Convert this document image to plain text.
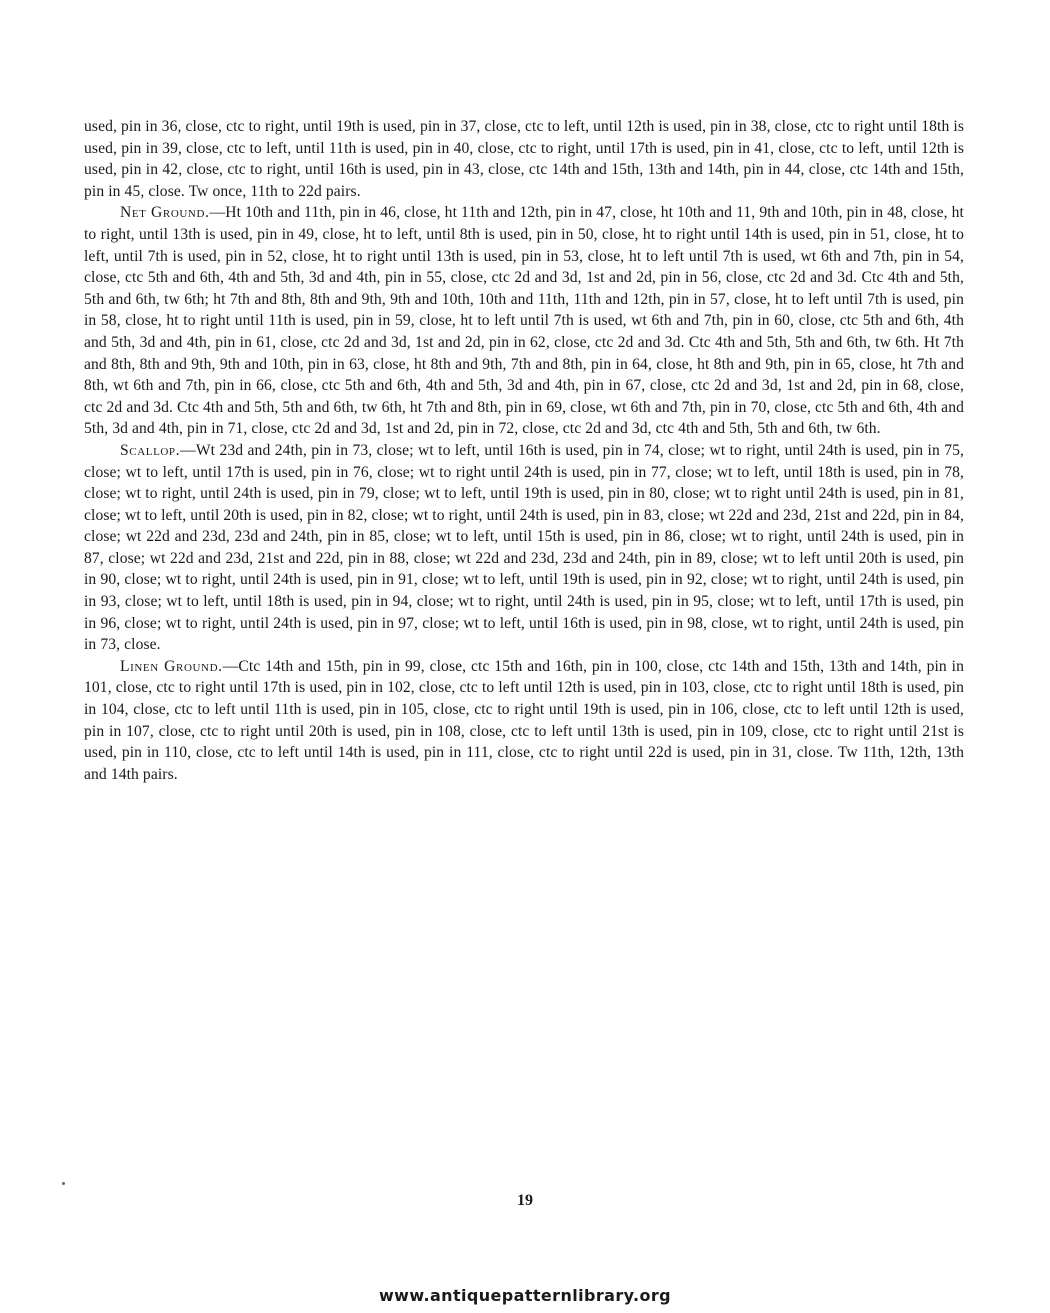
used, pin in 36, close, ctc to right, until 19th is used, pin in 37, close, ctc to left, until 12th is used, pin in 38, close, ctc to right until 18th is used, pin in 39, close, ctc to left, until 11th is used, pin in 40, close, ctc to right, until 17th is used, pin in 41, close, ctc to left, until 12th is used, pin in 42, close, ctc to right, until 16th is used, pin in 43, close, ctc 14th and 15th, 13th and 14th, pin in 44, close, ctc 14th and 15th, pin in 45, close. Tw once, 11th to 22d pairs.

Net Ground.—Ht 10th and 11th, pin in 46, close, ht 11th and 12th, pin in 47, close, ht 10th and 11, 9th and 10th, pin in 48, close, ht to right, until 13th is used, pin in 49, close, ht to left, until 8th is used, pin in 50, close, ht to right until 14th is used, pin in 51, close, ht to left, until 7th is used, pin in 52, close, ht to right until 13th is used, pin in 53, close, ht to left until 7th is used, wt 6th and 7th, pin in 54, close, ctc 5th and 6th, 4th and 5th, 3d and 4th, pin in 55, close, ctc 2d and 3d, 1st and 2d, pin in 56, close, ctc 2d and 3d. Ctc 4th and 5th, 5th and 6th, tw 6th; ht 7th and 8th, 8th and 9th, 9th and 10th, 10th and 11th, 11th and 12th, pin in 57, close, ht to left until 7th is used, pin in 58, close, ht to right until 11th is used, pin in 59, close, ht to left until 7th is used, wt 6th and 7th, pin in 60, close, ctc 5th and 6th, 4th and 5th, 3d and 4th, pin in 61, close, ctc 2d and 3d, 1st and 2d, pin in 62, close, ctc 2d and 3d. Ctc 4th and 5th, 5th and 6th, tw 6th. Ht 7th and 8th, 8th and 9th, 9th and 10th, pin in 63, close, ht 8th and 9th, 7th and 8th, pin in 64, close, ht 8th and 9th, pin in 65, close, ht 7th and 8th, wt 6th and 7th, pin in 66, close, ctc 5th and 6th, 4th and 5th, 3d and 4th, pin in 67, close, ctc 2d and 3d, 1st and 2d, pin in 68, close, ctc 2d and 3d. Ctc 4th and 5th, 5th and 6th, tw 6th, ht 7th and 8th, pin in 69, close, wt 6th and 7th, pin in 70, close, ctc 5th and 6th, 4th and 5th, 3d and 4th, pin in 71, close, ctc 2d and 3d, 1st and 2d, pin in 72, close, ctc 2d and 3d, ctc 4th and 5th, 5th and 6th, tw 6th.

Scallop.—Wt 23d and 24th, pin in 73, close; wt to left, until 16th is used, pin in 74, close; wt to right, until 24th is used, pin in 75, close; wt to left, until 17th is used, pin in 76, close; wt to right until 24th is used, pin in 77, close; wt to left, until 18th is used, pin in 78, close; wt to right, until 24th is used, pin in 79, close; wt to left, until 19th is used, pin in 80, close; wt to right until 24th is used, pin in 81, close; wt to left, until 20th is used, pin in 82, close; wt to right, until 24th is used, pin in 83, close; wt 22d and 23d, 21st and 22d, pin in 84, close; wt 22d and 23d, 23d and 24th, pin in 85, close; wt to left, until 15th is used, pin in 86, close; wt to right, until 24th is used, pin in 87, close; wt 22d and 23d, 21st and 22d, pin in 88, close; wt 22d and 23d, 23d and 24th, pin in 89, close; wt to left until 20th is used, pin in 90, close; wt to right, until 24th is used, pin in 91, close; wt to left, until 19th is used, pin in 92, close; wt to right, until 24th is used, pin in 93, close; wt to left, until 18th is used, pin in 94, close; wt to right, until 24th is used, pin in 95, close; wt to left, until 17th is used, pin in 96, close; wt to right, until 24th is used, pin in 97, close; wt to left, until 16th is used, pin in 98, close, wt to right, until 24th is used, pin in 73, close.

Linen Ground.—Ctc 14th and 15th, pin in 99, close, ctc 15th and 16th, pin in 100, close, ctc 14th and 15th, 13th and 14th, pin in 101, close, ctc to right until 17th is used, pin in 102, close, ctc to left until 12th is used, pin in 103, close, ctc to right until 18th is used, pin in 104, close, ctc to left until 11th is used, pin in 105, close, ctc to right until 19th is used, pin in 106, close, ctc to left until 12th is used, pin in 107, close, ctc to right until 20th is used, pin in 108, close, ctc to left until 13th is used, pin in 109, close, ctc to right until 21st is used, pin in 110, close, ctc to left until 14th is used, pin in 111, close, ctc to right until 22d is used, pin in 31, close. Tw 11th, 12th, 13th and 14th pairs.

19
www.antiquepatternlibrary.org
